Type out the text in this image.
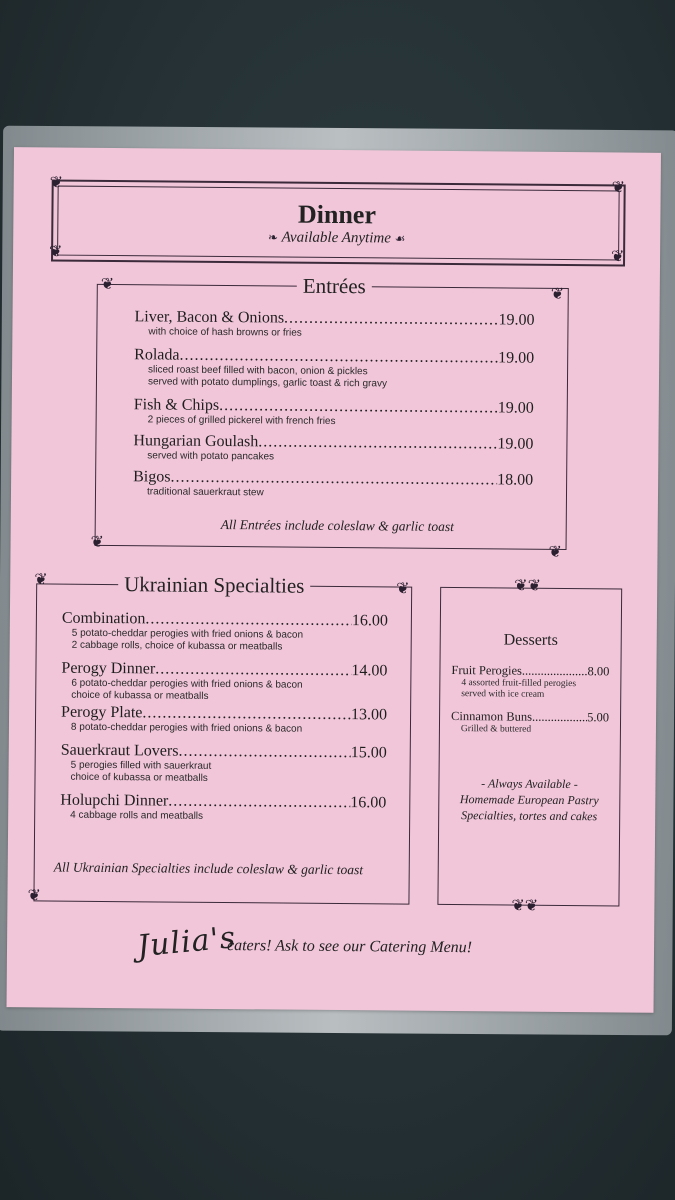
❦	❦
❦	❦
Dinner
❧ Available Anytime ☙
❦
❦
❦
❦
Entrées
Liver, Bacon & Onions .....	19.00
with choice of hash browns or fries
Rolada .....	19.00
sliced roast beef filled with bacon, onion & pickles
served with potato dumplings, garlic toast & rich gravy
Fish & Chips .....	19.00
2 pieces of grilled pickerel with french fries
Hungarian Goulash .....	19.00
served with potato pancakes
Bigos .....	18.00
traditional sauerkraut stew
All Entrées include coleslaw & garlic toast
❦	❦
❦
Ukrainian Specialties
Combination .....	16.00
5 potato-cheddar perogies with fried onions & bacon
2 cabbage rolls, choice of kubassa or meatballs
Perogy Dinner .....	14.00
6 potato-cheddar perogies with fried onions & bacon
choice of kubassa or meatballs
Perogy Plate .....	13.00
8 potato-cheddar perogies with fried onions & bacon
Sauerkraut Lovers .....	15.00
5 perogies filled with sauerkraut
choice of kubassa or meatballs
Holupchi Dinner .....	16.00
4 cabbage rolls and meatballs
All Ukrainian Specialties include coleslaw & garlic toast
❦❦
❦❦
Desserts
Fruit Perogies .....	8.00
4 assorted fruit-filled perogies
served with ice cream
Cinnamon Buns .....	5.00
Grilled & buttered
- Always Available -
Homemade European Pastry
Specialties, tortes and cakes
Julia's
caters! Ask to see our Catering Menu!
